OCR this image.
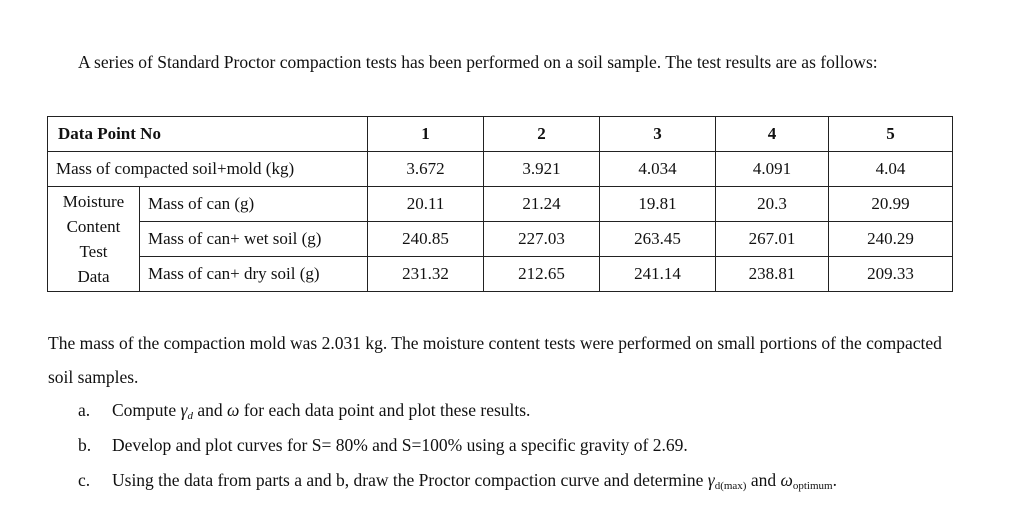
A series of Standard Proctor compaction tests has been performed on a soil sample. The test results are as follows:

Data Point No		1	2	3	4	5
Mass of compacted soil+mold (kg)		3.672	3.921	4.034	4.091	4.04

Moisture
Content
Test
Data	Mass of can (g)	20.11	21.24	19.81	20.3	20.99
	Mass of can+ wet soil (g)	240.85	227.03	263.45	267.01	240.29
	Mass of can+ dry soil (g)	231.32	212.65	241.14	238.81	209.33

The mass of the compaction mold was 2.031 kg. The moisture content tests were performed on small portions of the compacted soil samples.

a. Compute $\gamma_d$ and ω for each data point and plot these results.
b. Develop and plot curves for S= 80% and S=100% using a specific gravity of 2.69.
c. Using the data from parts a and b, draw the Proctor compaction curve and determine γd(max) and ωoptimum.
